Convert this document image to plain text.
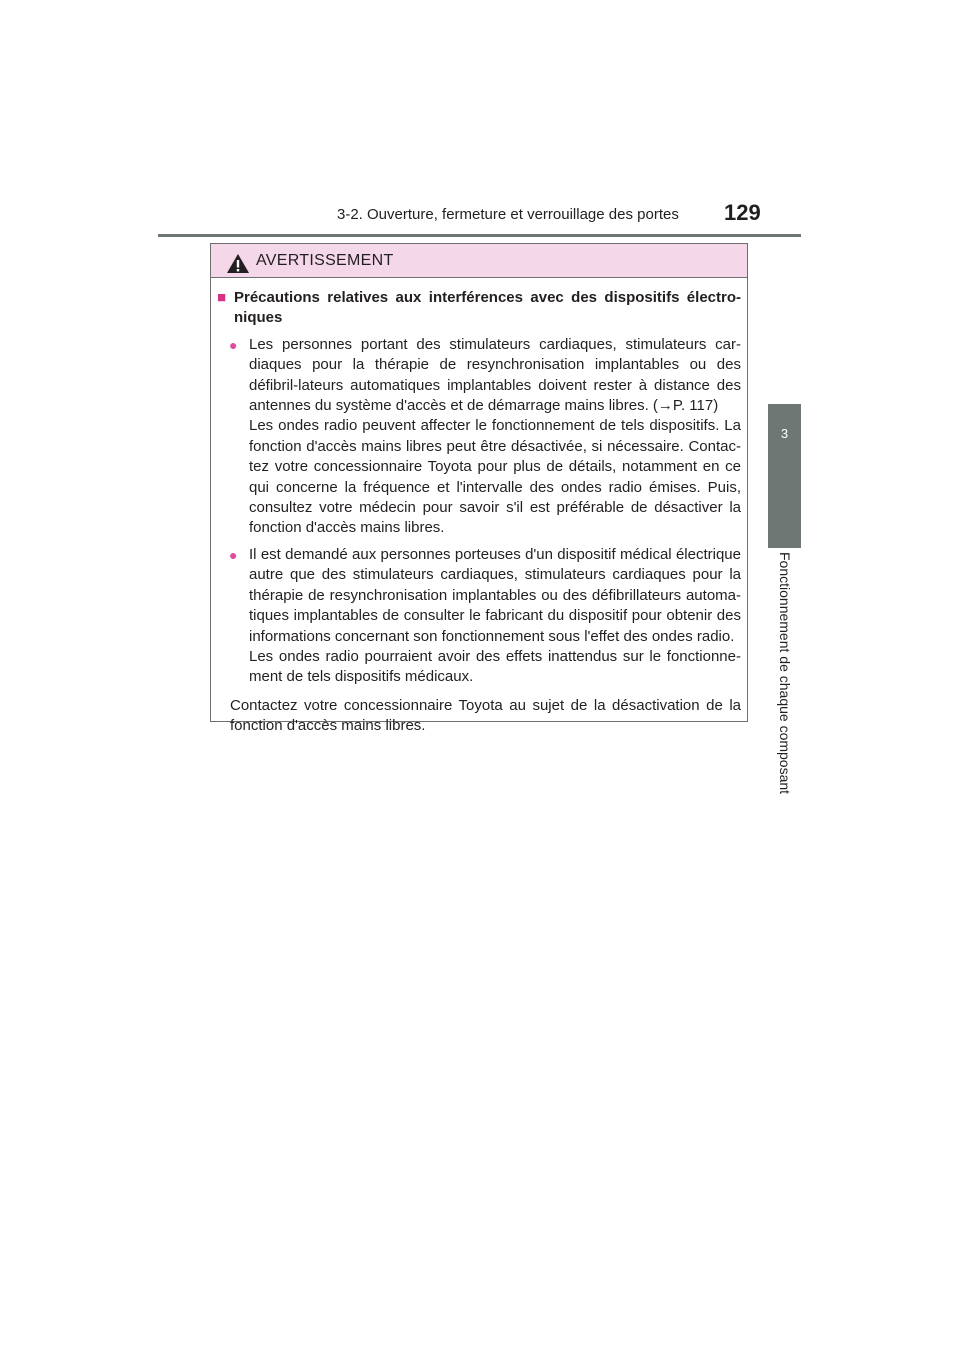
3-2. Ouverture, fermeture et verrouillage des portes 129
3
Fonctionnement de chaque composant
AVERTISSEMENT
■ Précautions relatives aux interférences avec des dispositifs électro-niques
● Les personnes portant des stimulateurs cardiaques, stimulateurs car-diaques pour la thérapie de resynchronisation implantables ou des défibril-lateurs automatiques implantables doivent rester à distance des antennes du système d'accès et de démarrage mains libres. (→P. 117)

Les ondes radio peuvent affecter le fonctionnement de tels dispositifs. La fonction d'accès mains libres peut être désactivée, si nécessaire. Contac-tez votre concessionnaire Toyota pour plus de détails, notamment en ce qui concerne la fréquence et l'intervalle des ondes radio émises. Puis, consultez votre médecin pour savoir s'il est préférable de désactiver la fonction d'accès mains libres.

● Il est demandé aux personnes porteuses d'un dispositif médical électrique autre que des stimulateurs cardiaques, stimulateurs cardiaques pour la thérapie de resynchronisation implantables ou des défibrillateurs automa-tiques implantables de consulter le fabricant du dispositif pour obtenir des informations concernant son fonctionnement sous l'effet des ondes radio.

Les ondes radio pourraient avoir des effets inattendus sur le fonctionne-ment de tels dispositifs médicaux.

Contactez votre concessionnaire Toyota au sujet de la désactivation de la fonction d'accès mains libres.
